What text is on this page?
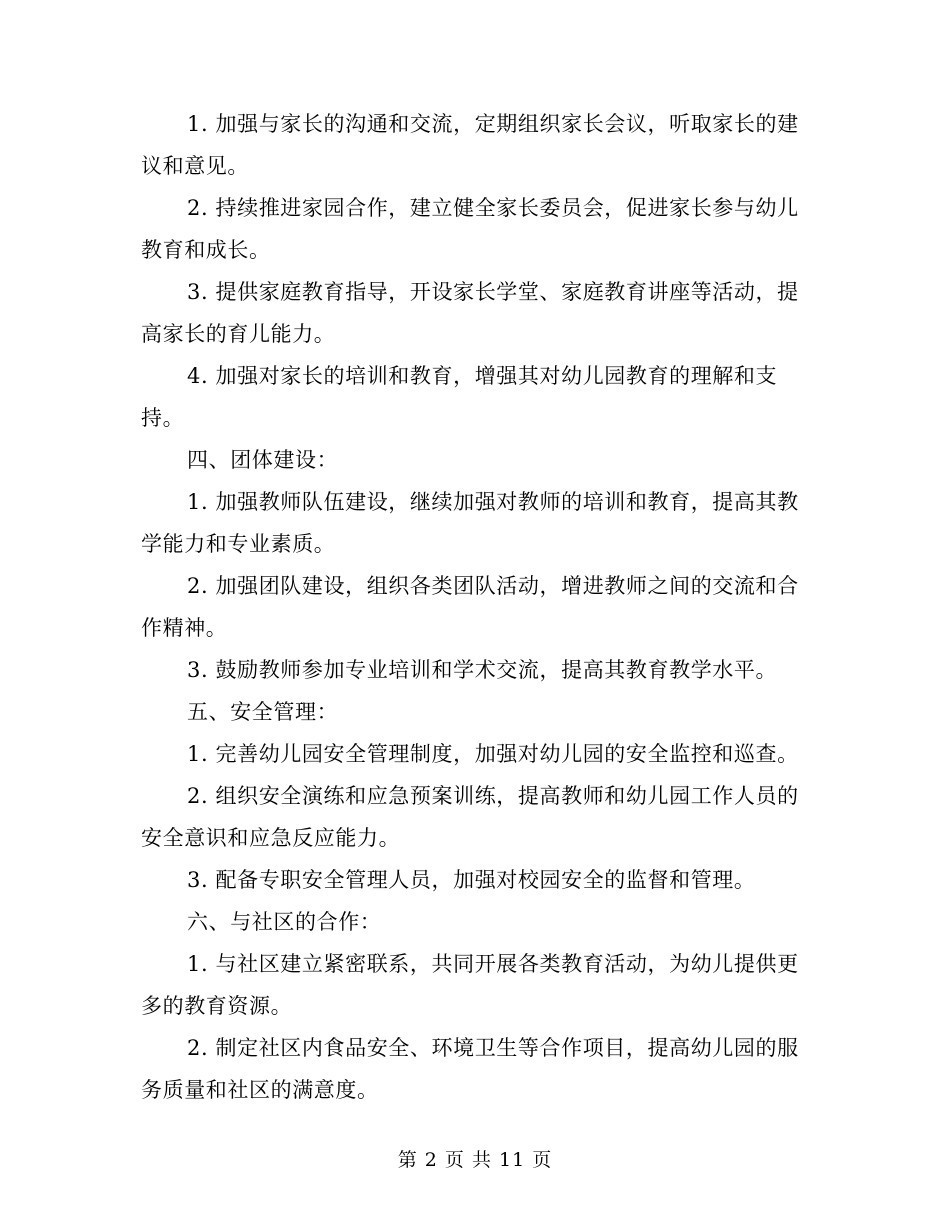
1. 加强与家长的沟通和交流，定期组织家长会议，听取家长的建
议和意见。
2. 持续推进家园合作，建立健全家长委员会，促进家长参与幼儿
教育和成长。
3. 提供家庭教育指导，开设家长学堂、家庭教育讲座等活动，提
高家长的育儿能力。
4. 加强对家长的培训和教育，增强其对幼儿园教育的理解和支
持。
四、团体建设：
1. 加强教师队伍建设，继续加强对教师的培训和教育，提高其教
学能力和专业素质。
2. 加强团队建设，组织各类团队活动，增进教师之间的交流和合
作精神。
3. 鼓励教师参加专业培训和学术交流，提高其教育教学水平。
五、安全管理：
1. 完善幼儿园安全管理制度，加强对幼儿园的安全监控和巡查。
2. 组织安全演练和应急预案训练，提高教师和幼儿园工作人员的
安全意识和应急反应能力。
3. 配备专职安全管理人员，加强对校园安全的监督和管理。
六、与社区的合作：
1. 与社区建立紧密联系，共同开展各类教育活动，为幼儿提供更
多的教育资源。
2. 制定社区内食品安全、环境卫生等合作项目，提高幼儿园的服
务质量和社区的满意度。
第 2 页 共 11 页
